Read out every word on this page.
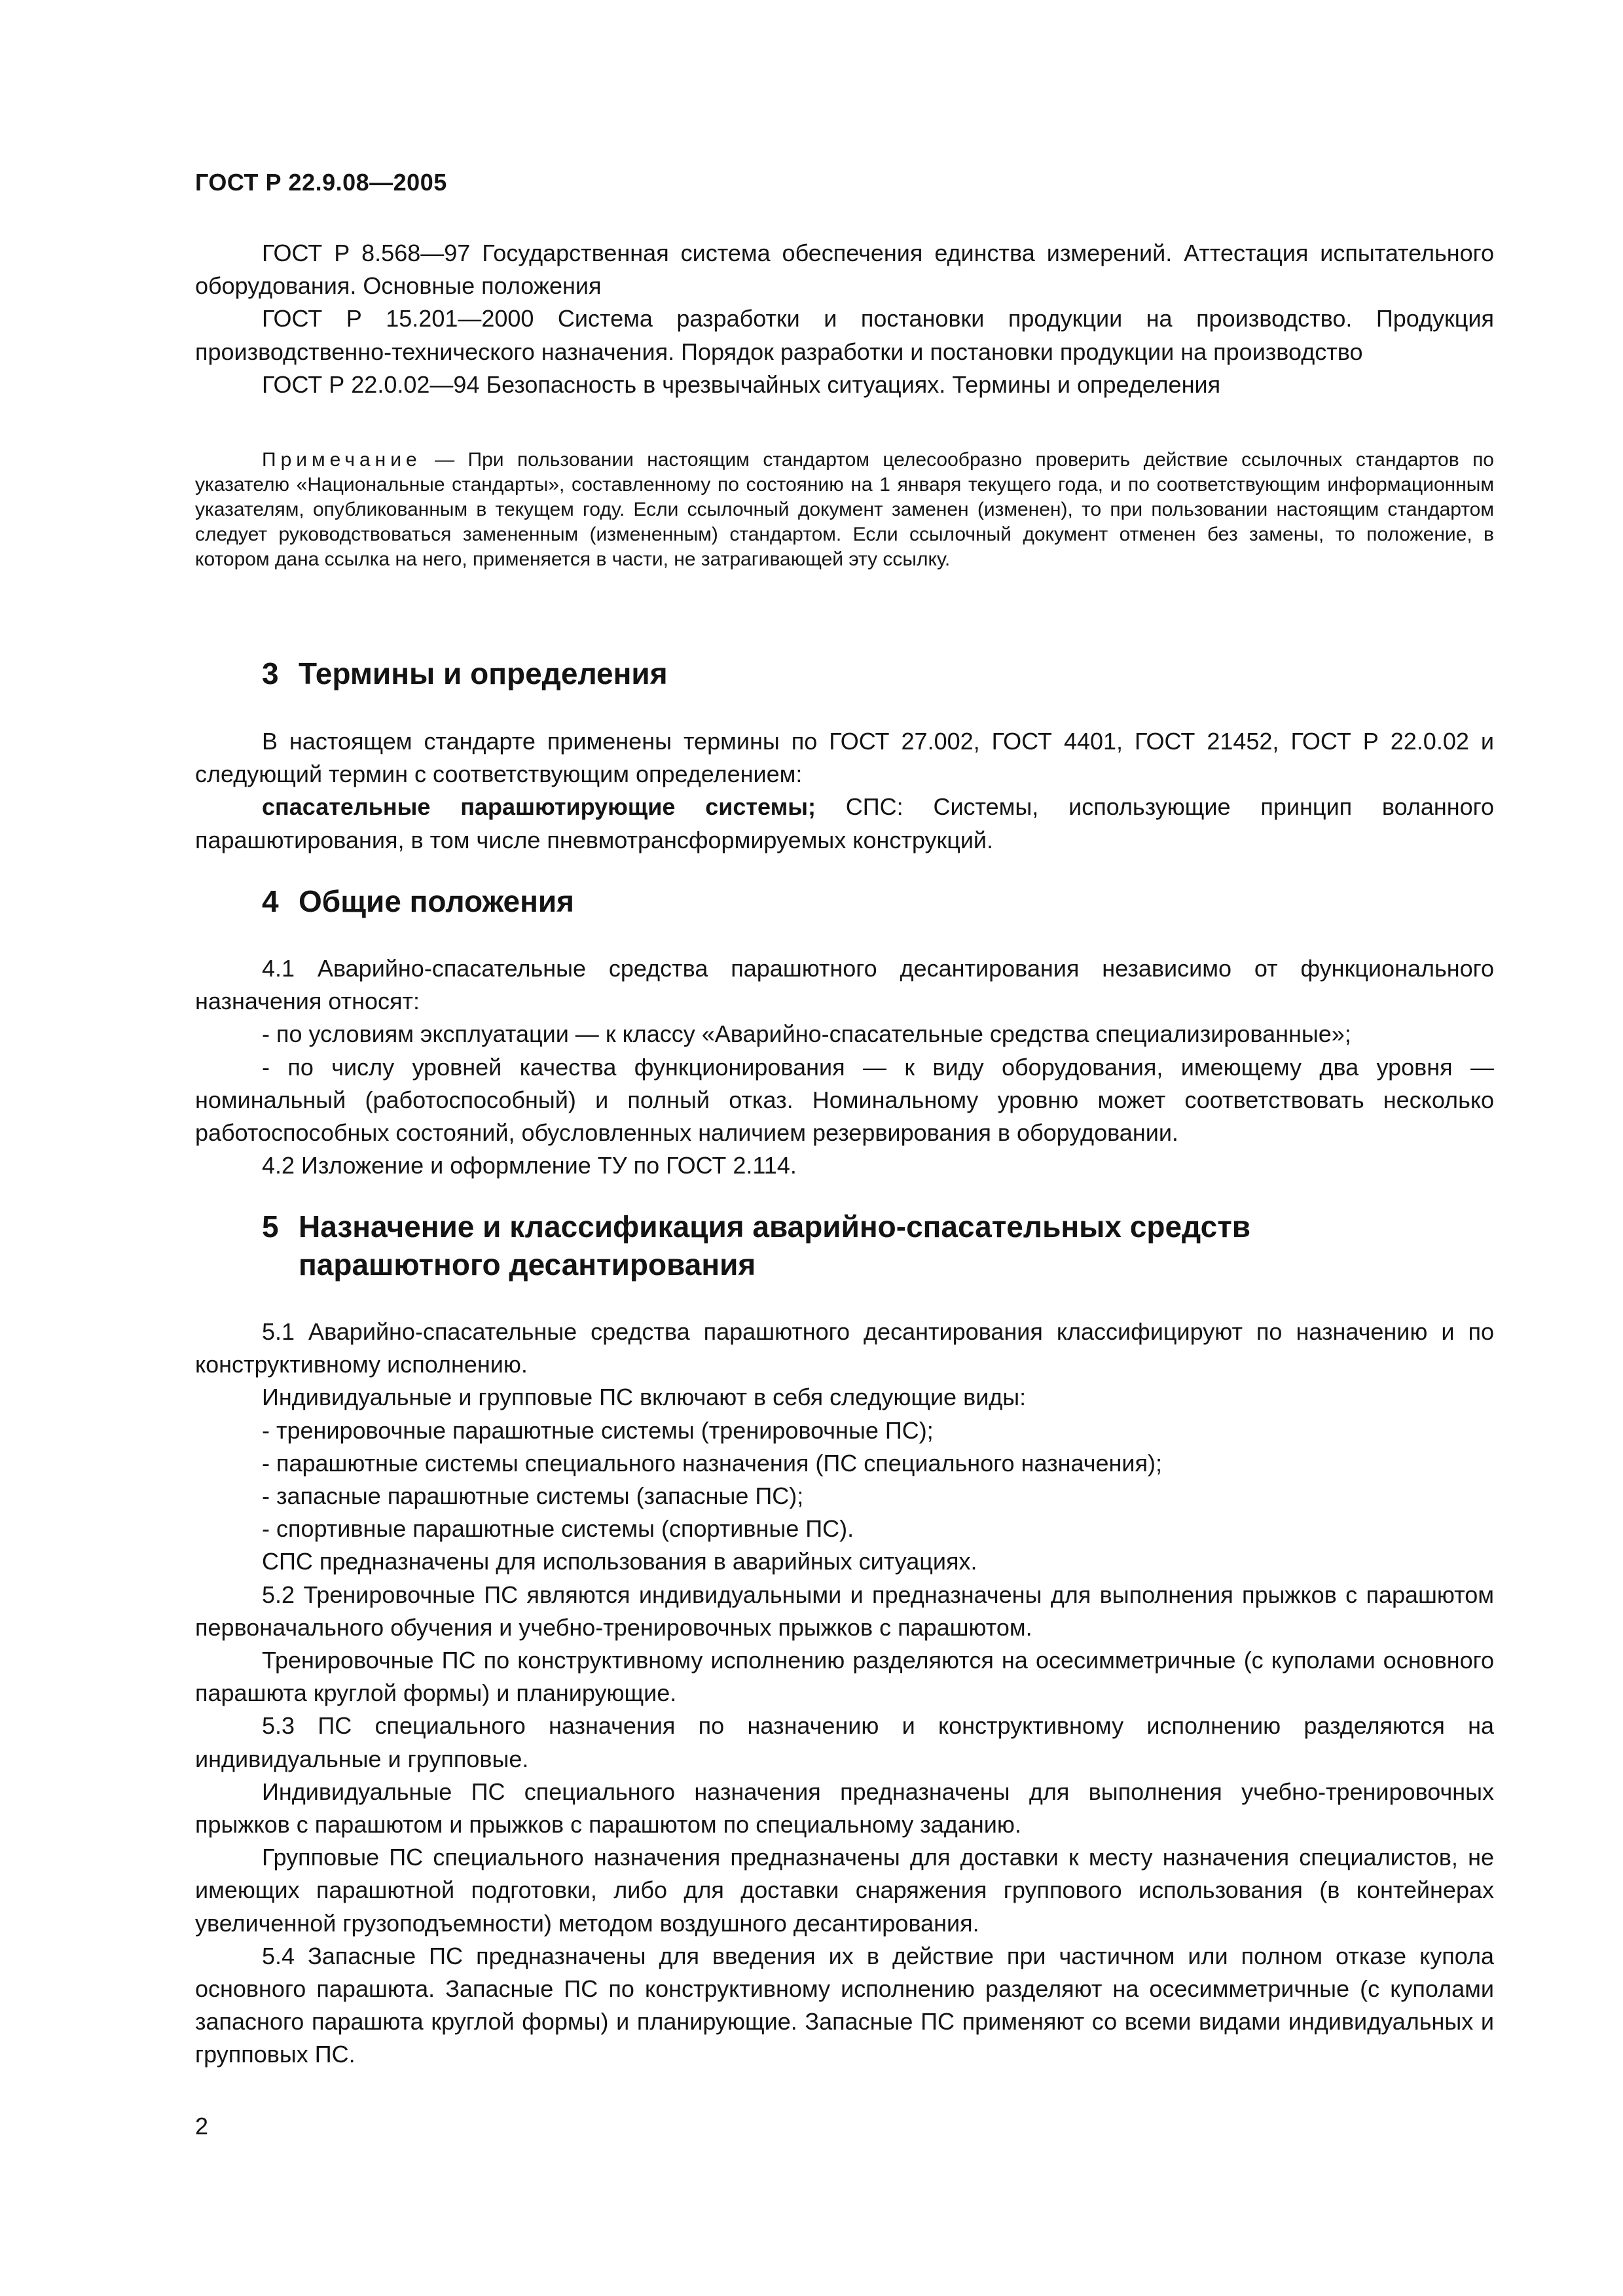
ГОСТ Р 22.9.08—2005

ГОСТ Р 8.568—97 Государственная система обеспечения единства измерений. Аттестация испытательного оборудования. Основные положения

ГОСТ Р 15.201—2000 Система разработки и постановки продукции на производство. Продукция производственно-технического назначения. Порядок разработки и постановки продукции на производство

ГОСТ Р 22.0.02—94 Безопасность в чрезвычайных ситуациях. Термины и определения

Примечание — При пользовании настоящим стандартом целесообразно проверить действие ссылочных стандартов по указателю «Национальные стандарты», составленному по состоянию на 1 января текущего года, и по соответствующим информационным указателям, опубликованным в текущем году. Если ссылочный документ заменен (изменен), то при пользовании настоящим стандартом следует руководствоваться замененным (измененным) стандартом. Если ссылочный документ отменен без замены, то положение, в котором дана ссылка на него, применяется в части, не затрагивающей эту ссылку.

3 Термины и определения

В настоящем стандарте применены термины по ГОСТ 27.002, ГОСТ 4401, ГОСТ 21452, ГОСТ Р 22.0.02 и следующий термин с соответствующим определением:

спасательные парашютирующие системы; СПС: Системы, использующие принцип воланного парашютирования, в том числе пневмотрансформируемых конструкций.

4 Общие положения

4.1 Аварийно-спасательные средства парашютного десантирования независимо от функционального назначения относят:

- по условиям эксплуатации — к классу «Аварийно-спасательные средства специализированные»;

- по числу уровней качества функционирования — к виду оборудования, имеющему два уровня — номинальный (работоспособный) и полный отказ. Номинальному уровню может соответствовать несколько работоспособных состояний, обусловленных наличием резервирования в оборудовании.

4.2 Изложение и оформление ТУ по ГОСТ 2.114.

5 Назначение и классификация аварийно-спасательных средств
парашютного десантирования

5.1 Аварийно-спасательные средства парашютного десантирования классифицируют по назначению и по конструктивному исполнению.

Индивидуальные и групповые ПС включают в себя следующие виды:

- тренировочные парашютные системы (тренировочные ПС);

- парашютные системы специального назначения (ПС специального назначения);

- запасные парашютные системы (запасные ПС);

- спортивные парашютные системы (спортивные ПС).

СПС предназначены для использования в аварийных ситуациях.

5.2 Тренировочные ПС являются индивидуальными и предназначены для выполнения прыжков с парашютом первоначального обучения и учебно-тренировочных прыжков с парашютом.

Тренировочные ПС по конструктивному исполнению разделяются на осесимметричные (с куполами основного парашюта круглой формы) и планирующие.

5.3 ПС специального назначения по назначению и конструктивному исполнению разделяются на индивидуальные и групповые.

Индивидуальные ПС специального назначения предназначены для выполнения учебно-тренировочных прыжков с парашютом и прыжков с парашютом по специальному заданию.

Групповые ПС специального назначения предназначены для доставки к месту назначения специалистов, не имеющих парашютной подготовки, либо для доставки снаряжения группового использования (в контейнерах увеличенной грузоподъемности) методом воздушного десантирования.

5.4 Запасные ПС предназначены для введения их в действие при частичном или полном отказе купола основного парашюта. Запасные ПС по конструктивному исполнению разделяют на осесимметричные (с куполами запасного парашюта круглой формы) и планирующие. Запасные ПС применяют со всеми видами индивидуальных и групповых ПС.

2
